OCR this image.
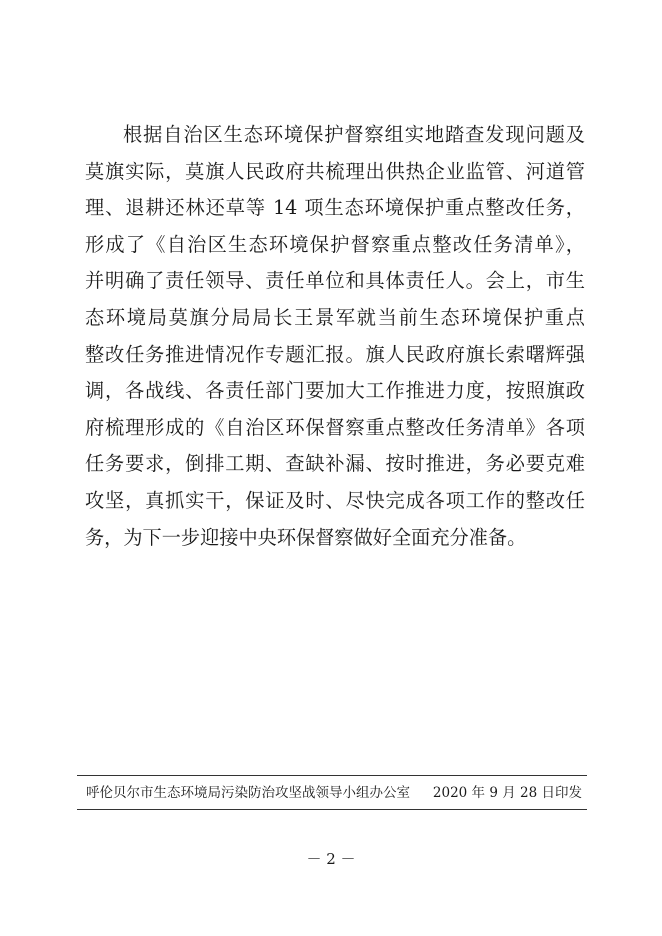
根据自治区生态环境保护督察组实地踏查发现问题及
莫旗实际，莫旗人民政府共梳理出供热企业监管、河道管
理、退耕还林还草等 14 项生态环境保护重点整改任务，
形成了《自治区生态环境保护督察重点整改任务清单》，
并明确了责任领导、责任单位和具体责任人。会上，市生
态环境局莫旗分局局长王景军就当前生态环境保护重点
整改任务推进情况作专题汇报。旗人民政府旗长索曙辉强
调，各战线、各责任部门要加大工作推进力度，按照旗政
府梳理形成的《自治区环保督察重点整改任务清单》各项
任务要求，倒排工期、查缺补漏、按时推进，务必要克难
攻坚，真抓实干，保证及时、尽快完成各项工作的整改任
务，为下一步迎接中央环保督察做好全面充分准备。
呼伦贝尔市生态环境局污染防治攻坚战领导小组办公室 2020 年 9 月 28 日印发
－ 2 －
